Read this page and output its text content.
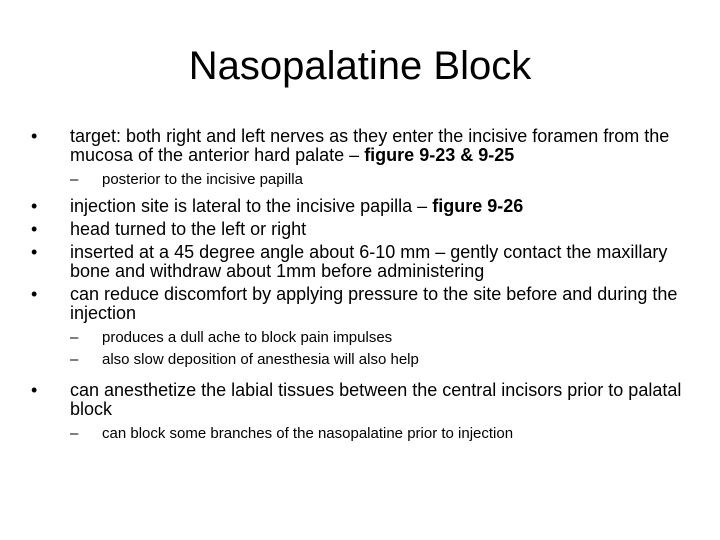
Nasopalatine Block
• target: both right and left nerves as they enter the incisive foramen from the mucosa of the anterior hard palate – figure 9-23 & 9-25
– posterior to the incisive papilla
• injection site is lateral to the incisive papilla – figure 9-26
• head turned to the left or right
• inserted at a 45 degree angle about 6-10 mm – gently contact the maxillary bone and withdraw about 1mm before administering
• can reduce discomfort by applying pressure to the site before and during the injection
– produces a dull ache to block pain impulses
– also slow deposition of anesthesia will also help
• can anesthetize the labial tissues between the central incisors prior to palatal block
– can block some branches of the nasopalatine prior to injection
